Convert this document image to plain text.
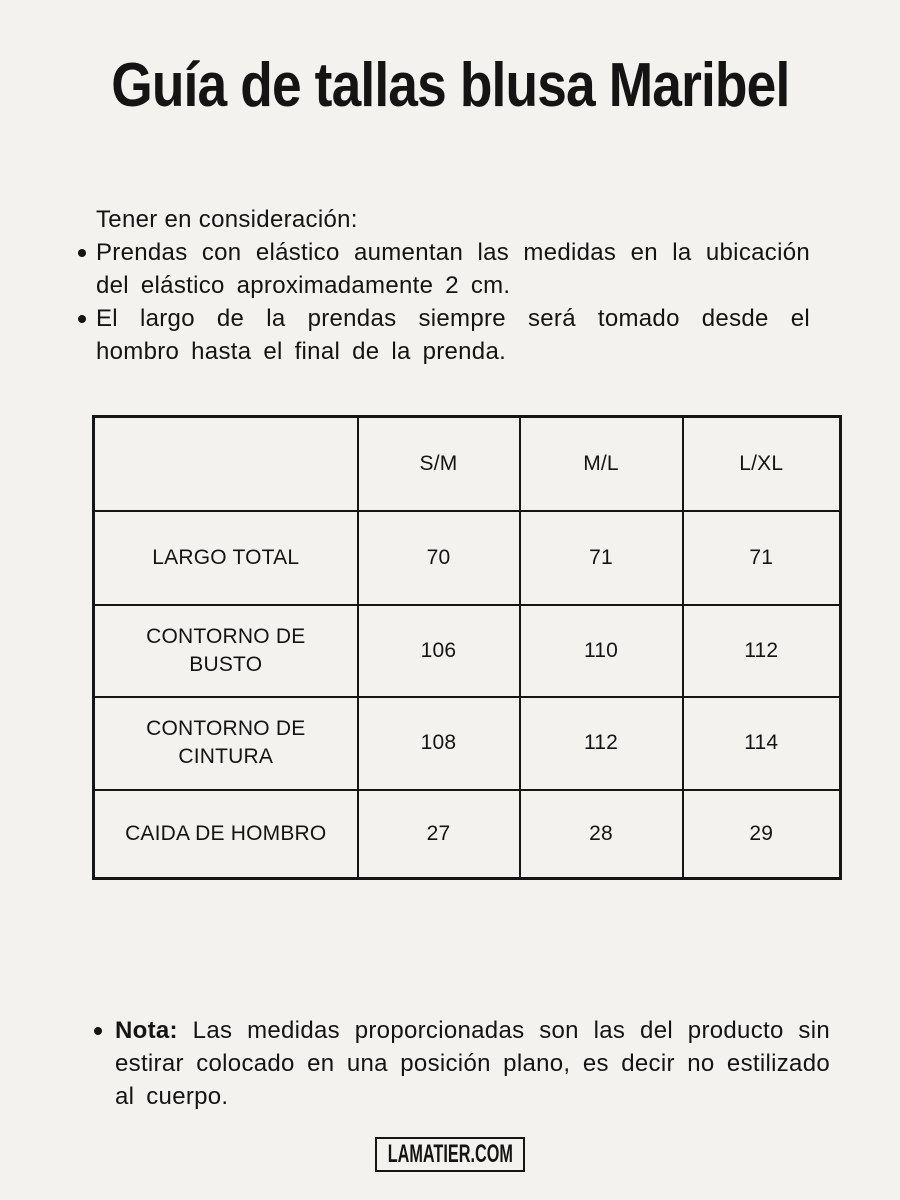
Guía de tallas blusa Maribel

Tener en consideración:

Prendas con elástico aumentan las medidas en la ubicación del elástico aproximadamente 2 cm.
El largo de la prendas siempre será tomado desde el hombro hasta el final de la prenda.
	S/M	M/L	L/XL
LARGO TOTAL	70	71	71
CONTORNO DE BUSTO	106	110	112
CONTORNO DE CINTURA	108	112	114
CAIDA DE HOMBRO	27	28	29
Nota: Las medidas proporcionadas son las del producto sin estirar colocado en una posición plano, es decir no estilizado al cuerpo.
LAMATIER.COM
